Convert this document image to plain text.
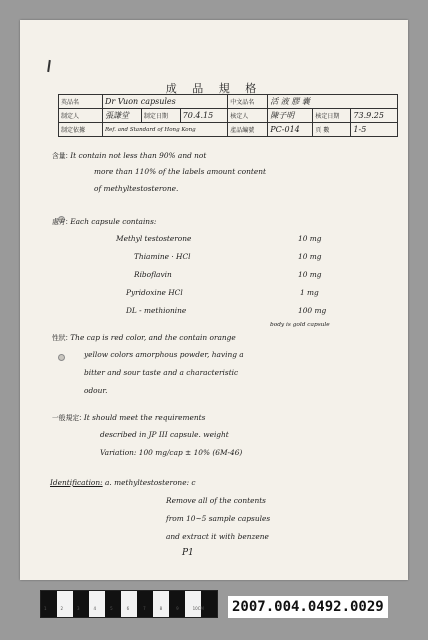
成 品 規 格
英品名	Dr Vuon capsules			中文品名	活 液 膠 囊		
制定人	張謙堂	制定日期	70.4.15	核定人	陳子明	核定日期	73.9.25
制定依據	Ref. and Standard of Hong Kong			產品編號	PC-014	頁 數	1-5
含量: It contain not less than 90% and not
more than 110% of the labels amount content
of methyltestosterone.
處方: Each capsule contains:
Methyl testosterone	10 mg
Thiamine · HCl	10 mg
Riboflavin	10 mg
Pyridoxine HCl	1 mg
DL - methionine	100 mg
body is gold capsule
性狀: The cap is red color, and the contain orange
yellow colors amorphous powder, having a
bitter and sour taste and a characteristic
odour.
一般規定: It should meet the requirements
described in JP III capsule. weight
Variation: 100 mg/cap ± 10% (6M-46)
Identification: a. methyltestosterone: c
Remove all of the contents
from 10~5 sample capsules
and extract it with benzene
P1
1	2	3	4	5	6	7	8	9	10CM 2007.004.0492.0029
